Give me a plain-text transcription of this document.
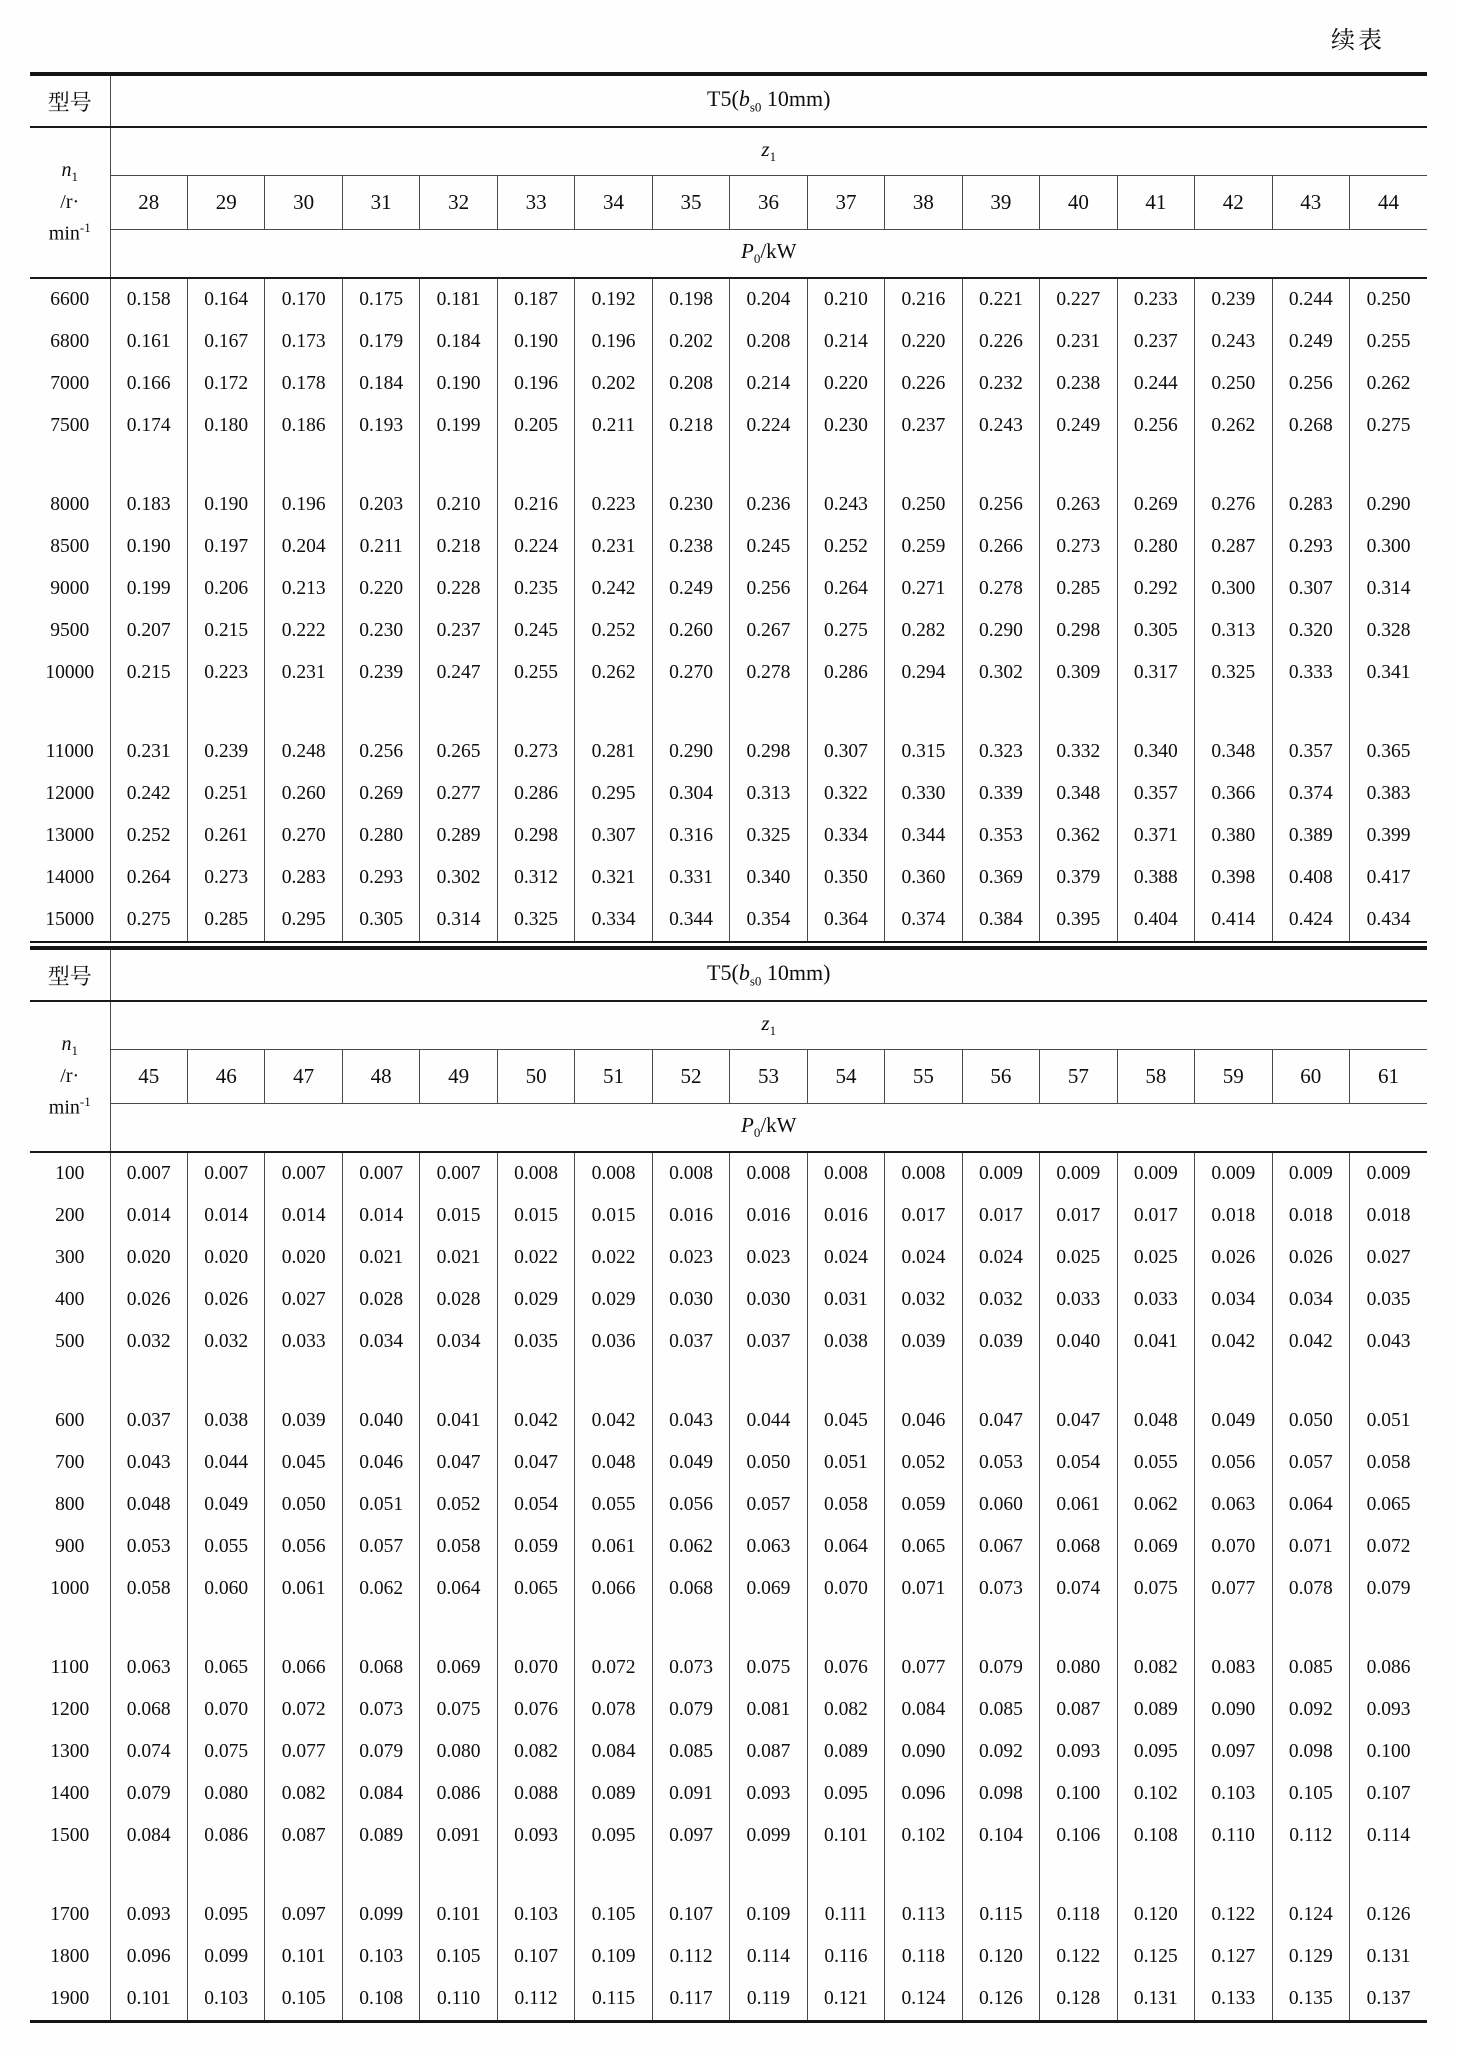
续表
型号	$T5(b_{s0}$ 10mm)																

$n_1$
/r·
$\min^{-1}$	$z_1$
	28	29	30	31	32	33	34	35	36	37	38	39	40	41	42	43	44
	$P_0/kW$																
6600	0.158	0.164	0.170	0.175	0.181	0.187	0.192	0.198	0.204	0.210	0.216	0.221	0.227	0.233	0.239	0.244	0.250
6800	0.161	0.167	0.173	0.179	0.184	0.190	0.196	0.202	0.208	0.214	0.220	0.226	0.231	0.237	0.243	0.249	0.255
7000	0.166	0.172	0.178	0.184	0.190	0.196	0.202	0.208	0.214	0.220	0.226	0.232	0.238	0.244	0.250	0.256	0.262
7500	0.174	0.180	0.186	0.193	0.199	0.205	0.211	0.218	0.224	0.230	0.237	0.243	0.249	0.256	0.262	0.268	0.275

8000	0.183	0.190	0.196	0.203	0.210	0.216	0.223	0.230	0.236	0.243	0.250	0.256	0.263	0.269	0.276	0.283	0.290
8500	0.190	0.197	0.204	0.211	0.218	0.224	0.231	0.238	0.245	0.252	0.259	0.266	0.273	0.280	0.287	0.293	0.300
9000	0.199	0.206	0.213	0.220	0.228	0.235	0.242	0.249	0.256	0.264	0.271	0.278	0.285	0.292	0.300	0.307	0.314
9500	0.207	0.215	0.222	0.230	0.237	0.245	0.252	0.260	0.267	0.275	0.282	0.290	0.298	0.305	0.313	0.320	0.328
10000	0.215	0.223	0.231	0.239	0.247	0.255	0.262	0.270	0.278	0.286	0.294	0.302	0.309	0.317	0.325	0.333	0.341

11000	0.231	0.239	0.248	0.256	0.265	0.273	0.281	0.290	0.298	0.307	0.315	0.323	0.332	0.340	0.348	0.357	0.365
12000	0.242	0.251	0.260	0.269	0.277	0.286	0.295	0.304	0.313	0.322	0.330	0.339	0.348	0.357	0.366	0.374	0.383
13000	0.252	0.261	0.270	0.280	0.289	0.298	0.307	0.316	0.325	0.334	0.344	0.353	0.362	0.371	0.380	0.389	0.399
14000	0.264	0.273	0.283	0.293	0.302	0.312	0.321	0.331	0.340	0.350	0.360	0.369	0.379	0.388	0.398	0.408	0.417
15000	0.275	0.285	0.295	0.305	0.314	0.325	0.334	0.344	0.354	0.364	0.374	0.384	0.395	0.404	0.414	0.424	0.434
型号	$T5(b_{s0}$ 10mm)																

$n_1$
/r·
$\min^{-1}$	$z_1$
	45	46	47	48	49	50	51	52	53	54	55	56	57	58	59	60	61
	$P_0/kW$																
100	0.007	0.007	0.007	0.007	0.007	0.008	0.008	0.008	0.008	0.008	0.008	0.009	0.009	0.009	0.009	0.009	0.009
200	0.014	0.014	0.014	0.014	0.015	0.015	0.015	0.016	0.016	0.016	0.017	0.017	0.017	0.017	0.018	0.018	0.018
300	0.020	0.020	0.020	0.021	0.021	0.022	0.022	0.023	0.023	0.024	0.024	0.024	0.025	0.025	0.026	0.026	0.027
400	0.026	0.026	0.027	0.028	0.028	0.029	0.029	0.030	0.030	0.031	0.032	0.032	0.033	0.033	0.034	0.034	0.035
500	0.032	0.032	0.033	0.034	0.034	0.035	0.036	0.037	0.037	0.038	0.039	0.039	0.040	0.041	0.042	0.042	0.043

600	0.037	0.038	0.039	0.040	0.041	0.042	0.042	0.043	0.044	0.045	0.046	0.047	0.047	0.048	0.049	0.050	0.051
700	0.043	0.044	0.045	0.046	0.047	0.047	0.048	0.049	0.050	0.051	0.052	0.053	0.054	0.055	0.056	0.057	0.058
800	0.048	0.049	0.050	0.051	0.052	0.054	0.055	0.056	0.057	0.058	0.059	0.060	0.061	0.062	0.063	0.064	0.065
900	0.053	0.055	0.056	0.057	0.058	0.059	0.061	0.062	0.063	0.064	0.065	0.067	0.068	0.069	0.070	0.071	0.072
1000	0.058	0.060	0.061	0.062	0.064	0.065	0.066	0.068	0.069	0.070	0.071	0.073	0.074	0.075	0.077	0.078	0.079

1100	0.063	0.065	0.066	0.068	0.069	0.070	0.072	0.073	0.075	0.076	0.077	0.079	0.080	0.082	0.083	0.085	0.086
1200	0.068	0.070	0.072	0.073	0.075	0.076	0.078	0.079	0.081	0.082	0.084	0.085	0.087	0.089	0.090	0.092	0.093
1300	0.074	0.075	0.077	0.079	0.080	0.082	0.084	0.085	0.087	0.089	0.090	0.092	0.093	0.095	0.097	0.098	0.100
1400	0.079	0.080	0.082	0.084	0.086	0.088	0.089	0.091	0.093	0.095	0.096	0.098	0.100	0.102	0.103	0.105	0.107
1500	0.084	0.086	0.087	0.089	0.091	0.093	0.095	0.097	0.099	0.101	0.102	0.104	0.106	0.108	0.110	0.112	0.114

1700	0.093	0.095	0.097	0.099	0.101	0.103	0.105	0.107	0.109	0.111	0.113	0.115	0.118	0.120	0.122	0.124	0.126
1800	0.096	0.099	0.101	0.103	0.105	0.107	0.109	0.112	0.114	0.116	0.118	0.120	0.122	0.125	0.127	0.129	0.131
1900	0.101	0.103	0.105	0.108	0.110	0.112	0.115	0.117	0.119	0.121	0.124	0.126	0.128	0.131	0.133	0.135	0.137
